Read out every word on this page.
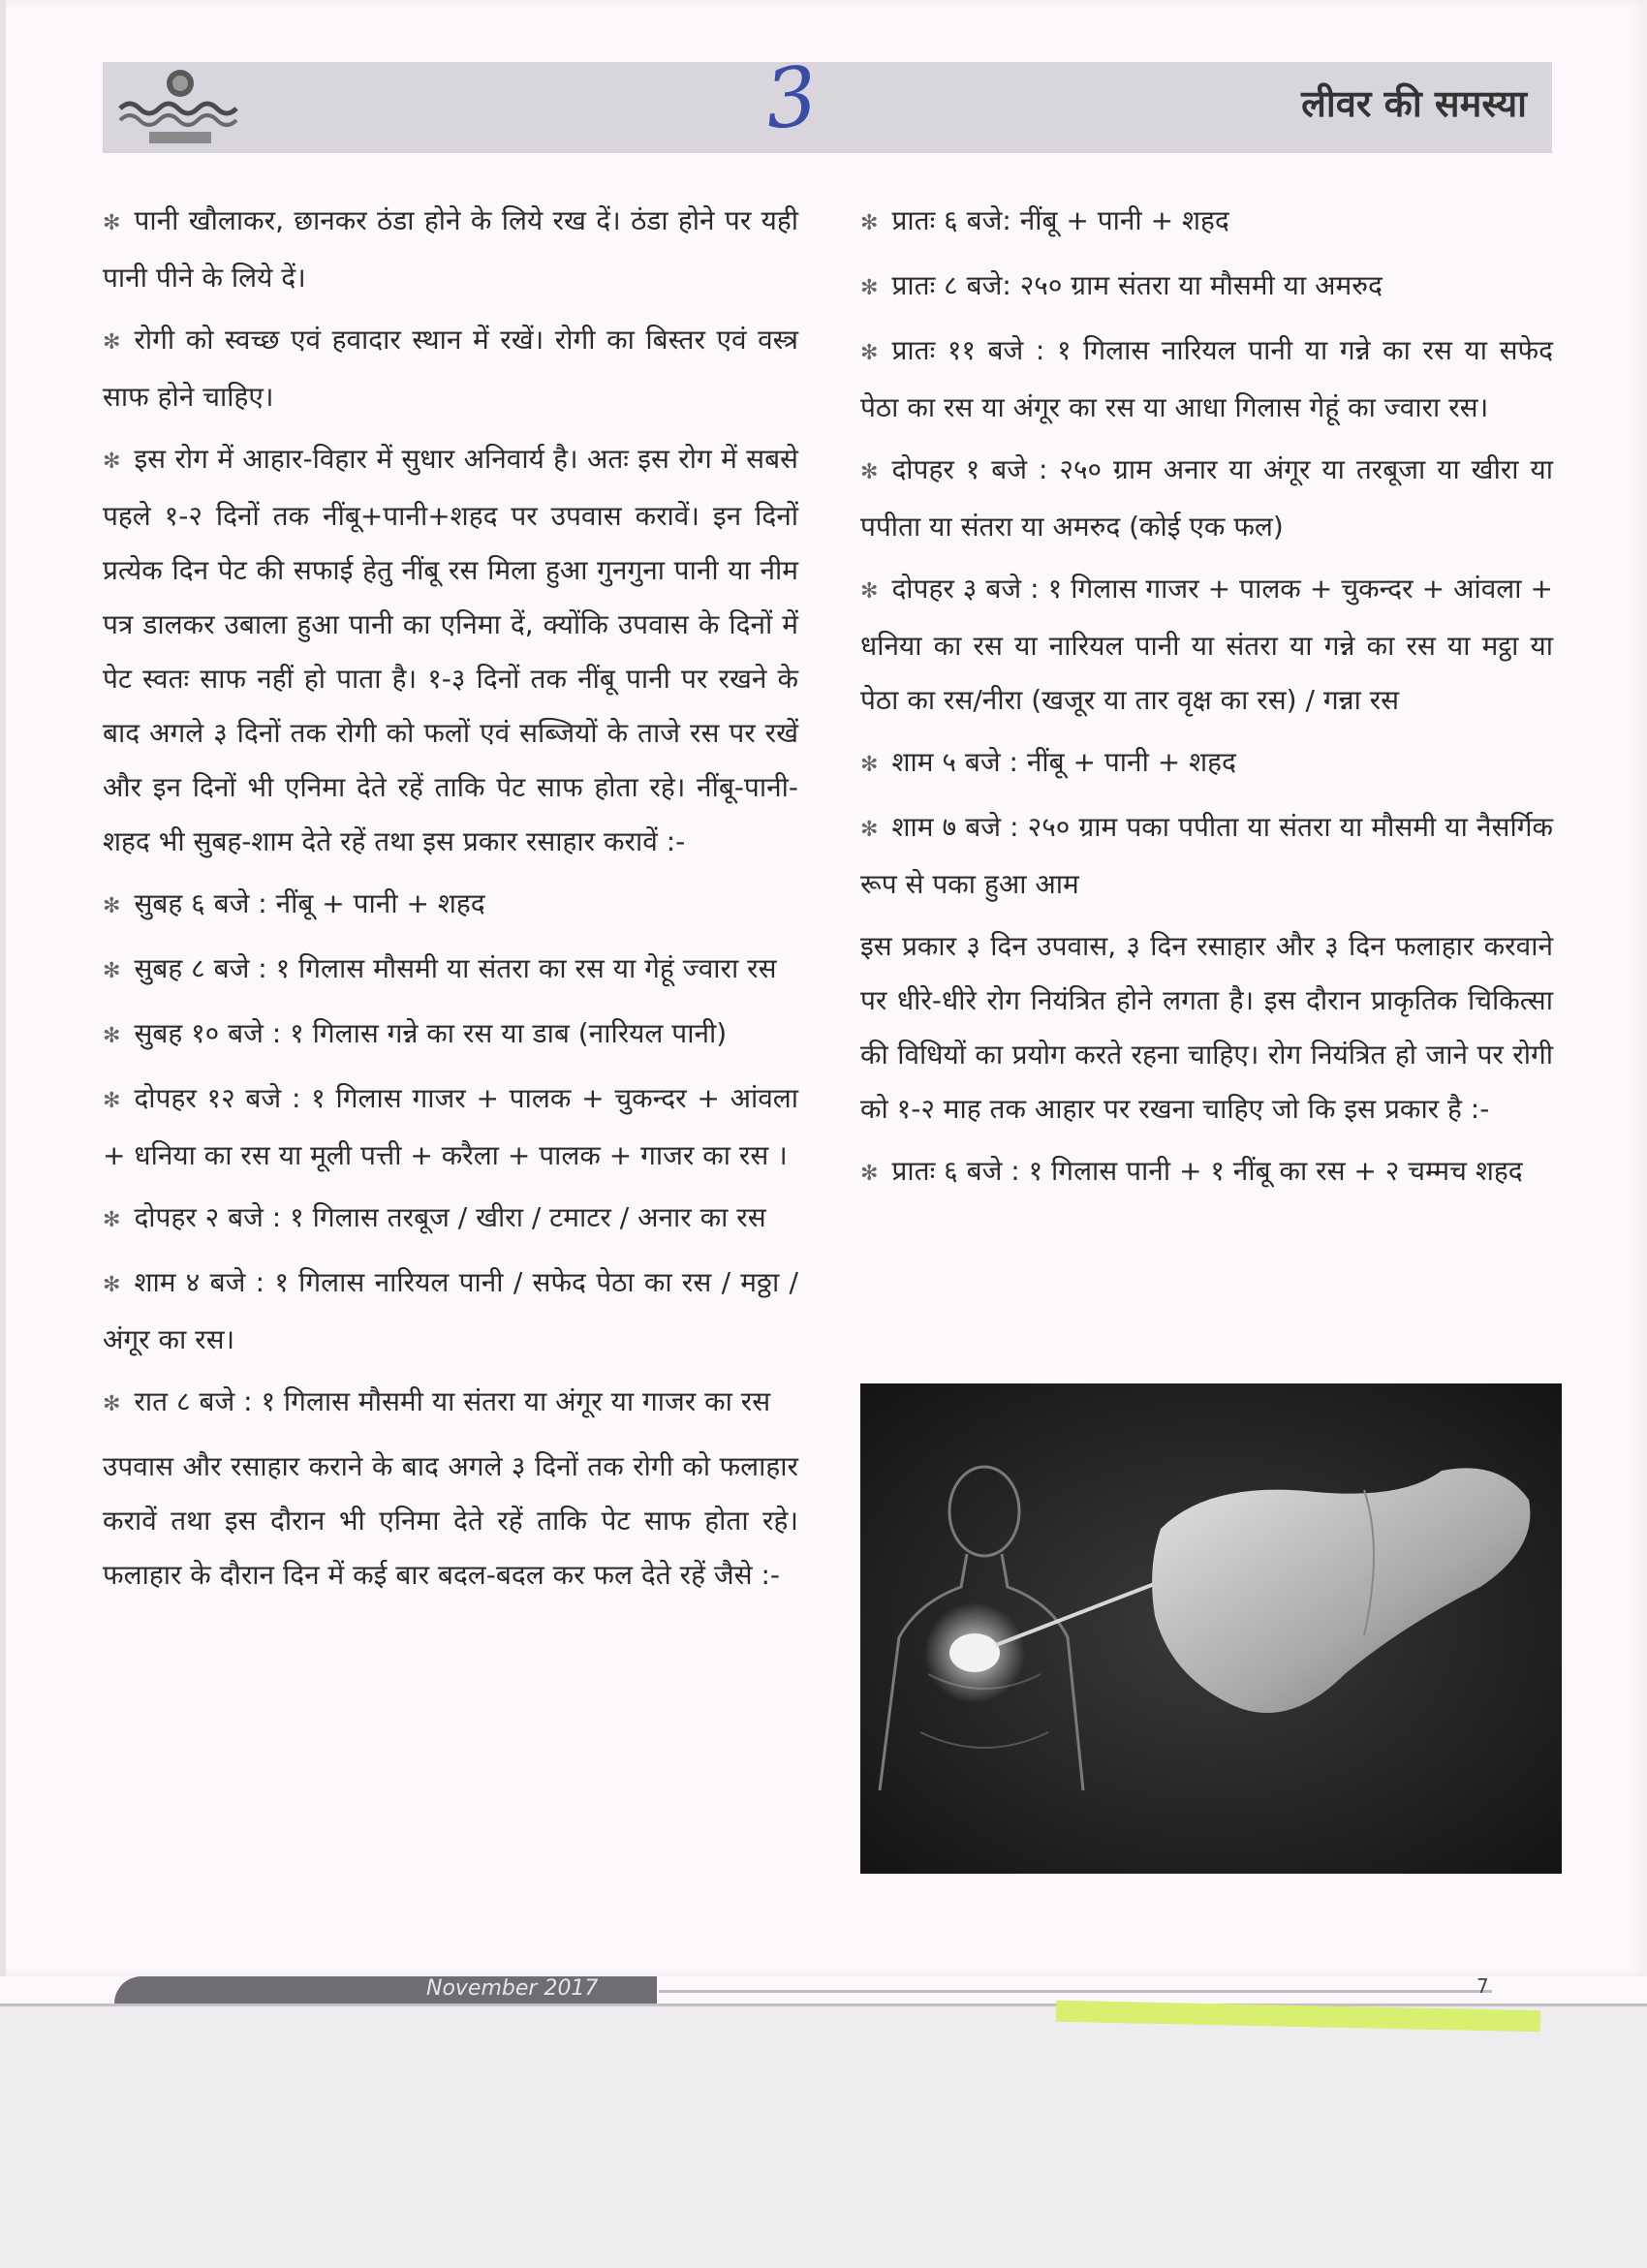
3	लीवर की समस्या

✻ पानी खौलाकर, छानकर ठंडा होने के लिये रख दें। ठंडा होने पर यही पानी पीने के लिये दें।

✻ रोगी को स्वच्छ एवं हवादार स्थान में रखें। रोगी का बिस्तर एवं वस्त्र साफ होने चाहिए।

✻ इस रोग में आहार-विहार में सुधार अनिवार्य है। अतः इस रोग में सबसे पहले १-२ दिनों तक नींबू+पानी+शहद पर उपवास करावें। इन दिनों प्रत्येक दिन पेट की सफाई हेतु नींबू रस मिला हुआ गुनगुना पानी या नीम पत्र डालकर उबाला हुआ पानी का एनिमा दें, क्योंकि उपवास के दिनों में पेट स्वतः साफ नहीं हो पाता है। १-३ दिनों तक नींबू पानी पर रखने के बाद अगले ३ दिनों तक रोगी को फलों एवं सब्जियों के ताजे रस पर रखें और इन दिनों भी एनिमा देते रहें ताकि पेट साफ होता रहे। नींबू-पानी-शहद भी सुबह-शाम देते रहें तथा इस प्रकार रसाहार करावें :-

✻ सुबह ६ बजे : नींबू + पानी + शहद

✻ सुबह ८ बजे : १ गिलास मौसमी या संतरा का रस या गेहूं ज्वारा रस

✻ सुबह १० बजे : १ गिलास गन्ने का रस या डाब (नारियल पानी)

✻ दोपहर १२ बजे : १ गिलास गाजर + पालक + चुकन्दर + आंवला + धनिया का रस या मूली पत्ती + करैला + पालक + गाजर का रस ।

✻ दोपहर २ बजे : १ गिलास तरबूज / खीरा / टमाटर / अनार का रस

✻ शाम ४ बजे : १ गिलास नारियल पानी / सफेद पेठा का रस / मठ्ठा / अंगूर का रस।

✻ रात ८ बजे : १ गिलास मौसमी या संतरा या अंगूर या गाजर का रस

उपवास और रसाहार कराने के बाद अगले ३ दिनों तक रोगी को फलाहार करावें तथा इस दौरान भी एनिमा देते रहें ताकि पेट साफ होता रहे। फलाहार के दौरान दिन में कई बार बदल-बदल कर फल देते रहें जैसे :-

✻ प्रातः ६ बजे: नींबू + पानी + शहद

✻ प्रातः ८ बजे: २५० ग्राम संतरा या मौसमी या अमरुद

✻ प्रातः ११ बजे : १ गिलास नारियल पानी या गन्ने का रस या सफेद पेठा का रस या अंगूर का रस या आधा गिलास गेहूं का ज्वारा रस।

✻ दोपहर १ बजे : २५० ग्राम अनार या अंगूर या तरबूजा या खीरा या पपीता या संतरा या अमरुद (कोई एक फल)

✻ दोपहर ३ बजे : १ गिलास गाजर + पालक + चुकन्दर + आंवला + धनिया का रस या नारियल पानी या संतरा या गन्ने का रस या मट्ठा या पेठा का रस/नीरा (खजूर या तार वृक्ष का रस) / गन्ना रस

✻ शाम ५ बजे : नींबू + पानी + शहद

✻ शाम ७ बजे : २५० ग्राम पका पपीता या संतरा या मौसमी या नैसर्गिक रूप से पका हुआ आम

इस प्रकार ३ दिन उपवास, ३ दिन रसाहार और ३ दिन फलाहार करवाने पर धीरे-धीरे रोग नियंत्रित होने लगता है। इस दौरान प्राकृतिक चिकित्सा की विधियों का प्रयोग करते रहना चाहिए। रोग नियंत्रित हो जाने पर रोगी को १-२ माह तक आहार पर रखना चाहिए जो कि इस प्रकार है :-

✻ प्रातः ६ बजे : १ गिलास पानी + १ नींबू का रस + २ चम्मच शहद

November 2017	7
